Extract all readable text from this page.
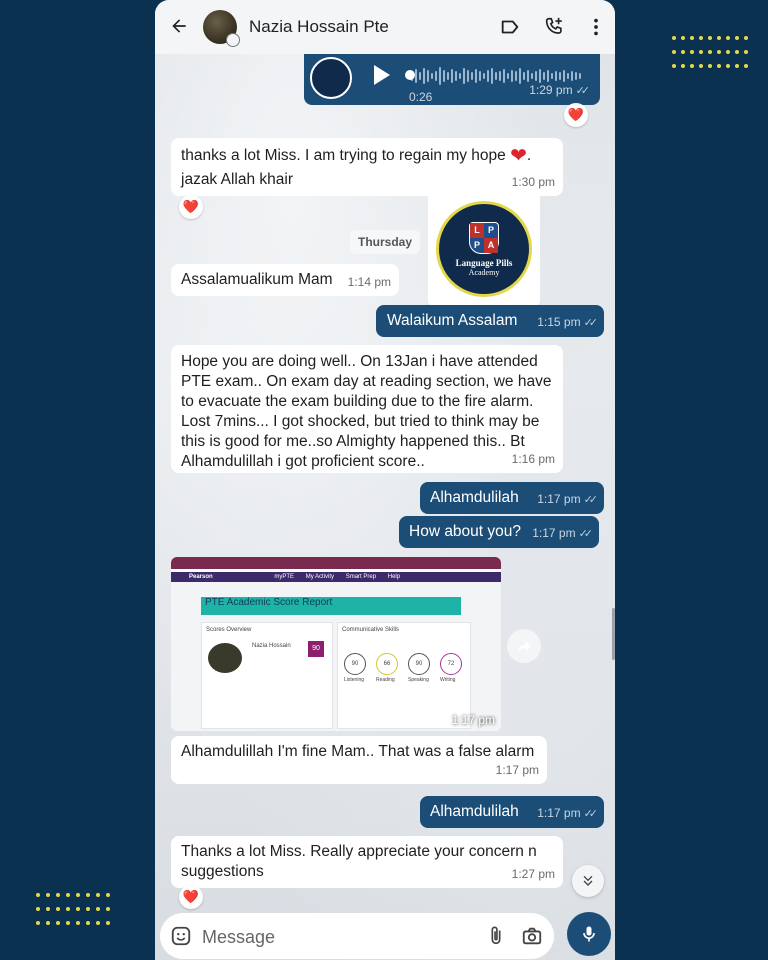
Nazia Hossain Pte
0:26	1:29 pm ✓✓
❤️
thanks a lot Miss. I am trying to regain my hope ❤.
jazak Allah khair	1:30 pm
❤️
L P
P A
Language Pills
Academy
Thursday
Assalamualikum Mam 1:14 pm
Walaikum Assalam 1:15 pm ✓✓
Hope you are doing well.. On 13Jan i have attended
PTE exam.. On exam day at reading section, we have
to evacuate the exam building due to the fire alarm.
Lost 7mins... I got shocked, but tried to think may be
this is good for me..so Almighty happened this.. Bt
Alhamdulillah i got proficient score..	1:16 pm
Alhamdulilah 1:17 pm ✓✓
How about you? 1:17 pm ✓✓
Pearson	myPTE My Activity Smart Prep Help
PTE Academic Score Report
Scores Overview
Nazia Hossain	90
Communicative Skills
90	66	90	72
Listening Reading	Speaking Writing
1:17 pm
Alhamdulillah I'm fine Mam.. That was a false alarm
1:17 pm
Alhamdulilah 1:17 pm ✓✓
Thanks a lot Miss. Really appreciate your concern n
suggestions	1:27 pm
❤️
Message
